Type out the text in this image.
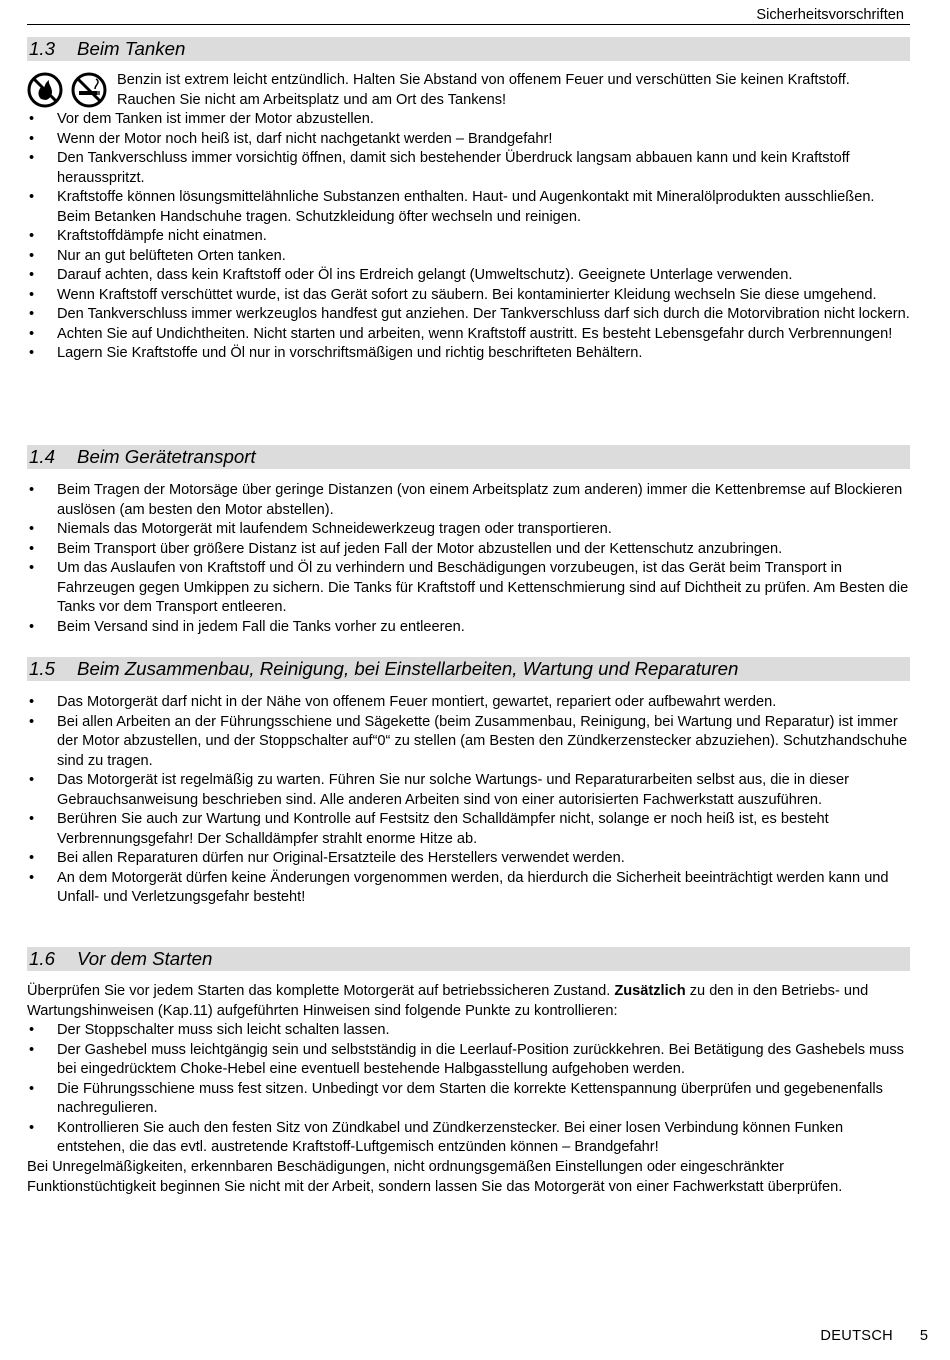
Sicherheitsvorschriften
1.3 Beim Tanken
Benzin ist extrem leicht entzündlich. Halten Sie Abstand von offenem Feuer und verschütten Sie keinen Kraftstoff. Rauchen Sie nicht am Arbeitsplatz und am Ort des Tankens!
• Vor dem Tanken ist immer der Motor abzustellen.
• Wenn der Motor noch heiß ist, darf nicht nachgetankt werden – Brandgefahr!
• Den Tankverschluss immer vorsichtig öffnen, damit sich bestehender Überdruck langsam abbauen kann und kein Kraftstoff herausspritzt.
• Kraftstoffe können lösungsmittelähnliche Substanzen enthalten. Haut- und Augenkontakt mit Mineralölprodukten ausschließen. Beim Betanken Handschuhe tragen. Schutzkleidung öfter wechseln und reinigen.
• Kraftstoffdämpfe nicht einatmen.
• Nur an gut belüfteten Orten tanken.
• Darauf achten, dass kein Kraftstoff oder Öl ins Erdreich gelangt (Umweltschutz). Geeignete Unterlage verwenden.
• Wenn Kraftstoff verschüttet wurde, ist das Gerät sofort zu säubern. Bei kontaminierter Kleidung wechseln Sie diese umgehend.
• Den Tankverschluss immer werkzeuglos handfest gut anziehen. Der Tankverschluss darf sich durch die Motorvibration nicht lockern.
• Achten Sie auf Undichtheiten. Nicht starten und arbeiten, wenn Kraftstoff austritt. Es besteht Lebensgefahr durch Verbrennungen!
• Lagern Sie Kraftstoffe und Öl nur in vorschriftsmäßigen und richtig beschrifteten Behältern.
1.4 Beim Gerätetransport
• Beim Tragen der Motorsäge über geringe Distanzen (von einem Arbeitsplatz zum anderen) immer die Kettenbremse auf Blockieren auslösen (am besten den Motor abstellen).
• Niemals das Motorgerät mit laufendem Schneidewerkzeug tragen oder transportieren.
• Beim Transport über größere Distanz ist auf jeden Fall der Motor abzustellen und der Kettenschutz anzubringen.
• Um das Auslaufen von Kraftstoff und Öl zu verhindern und Beschädigungen vorzubeugen, ist das Gerät beim Transport in Fahrzeugen gegen Umkippen zu sichern. Die Tanks für Kraftstoff und Kettenschmierung sind auf Dichtheit zu prüfen. Am Besten die Tanks vor dem Transport entleeren.
• Beim Versand sind in jedem Fall die Tanks vorher zu entleeren.
1.5 Beim Zusammenbau, Reinigung, bei Einstellarbeiten, Wartung und Reparaturen
• Das Motorgerät darf nicht in der Nähe von offenem Feuer montiert, gewartet, repariert oder aufbewahrt werden.
• Bei allen Arbeiten an der Führungsschiene und Sägekette (beim Zusammenbau, Reinigung, bei Wartung und Reparatur) ist immer der Motor abzustellen, und der Stoppschalter auf“0“ zu stellen (am Besten den Zündkerzenstecker abzuziehen). Schutzhandschuhe sind zu tragen.
• Das Motorgerät ist regelmäßig zu warten. Führen Sie nur solche Wartungs- und Reparaturarbeiten selbst aus, die in dieser Gebrauchsanweisung beschrieben sind. Alle anderen Arbeiten sind von einer autorisierten Fachwerkstatt auszuführen.
• Berühren Sie auch zur Wartung und Kontrolle auf Festsitz den Schalldämpfer nicht, solange er noch heiß ist, es besteht Verbrennungsgefahr! Der Schalldämpfer strahlt enorme Hitze ab.
• Bei allen Reparaturen dürfen nur Original-Ersatzteile des Herstellers verwendet werden.
• An dem Motorgerät dürfen keine Änderungen vorgenommen werden, da hierdurch die Sicherheit beeinträchtigt werden kann und Unfall- und Verletzungsgefahr besteht!
1.6 Vor dem Starten

Überprüfen Sie vor jedem Starten das komplette Motorgerät auf betriebssicheren Zustand. Zusätzlich zu den in den Betriebs- und Wartungshinweisen (Kap.11) aufgeführten Hinweisen sind folgende Punkte zu kontrollieren:

• Der Stoppschalter muss sich leicht schalten lassen.
• Der Gashebel muss leichtgängig sein und selbstständig in die Leerlauf-Position zurückkehren. Bei Betätigung des Gashebels muss bei eingedrücktem Choke-Hebel eine eventuell bestehende Halbgasstellung aufgehoben werden.
• Die Führungsschiene muss fest sitzen. Unbedingt vor dem Starten die korrekte Kettenspannung überprüfen und gegebenenfalls nachregulieren.
• Kontrollieren Sie auch den festen Sitz von Zündkabel und Zündkerzenstecker. Bei einer losen Verbindung können Funken entstehen, die das evtl. austretende Kraftstoff-Luftgemisch entzünden können – Brandgefahr!

Bei Unregelmäßigkeiten, erkennbaren Beschädigungen, nicht ordnungsgemäßen Einstellungen oder eingeschränkter Funktionstüchtigkeit beginnen Sie nicht mit der Arbeit, sondern lassen Sie das Motorgerät von einer Fachwerkstatt überprüfen.

DEUTSCH 5
